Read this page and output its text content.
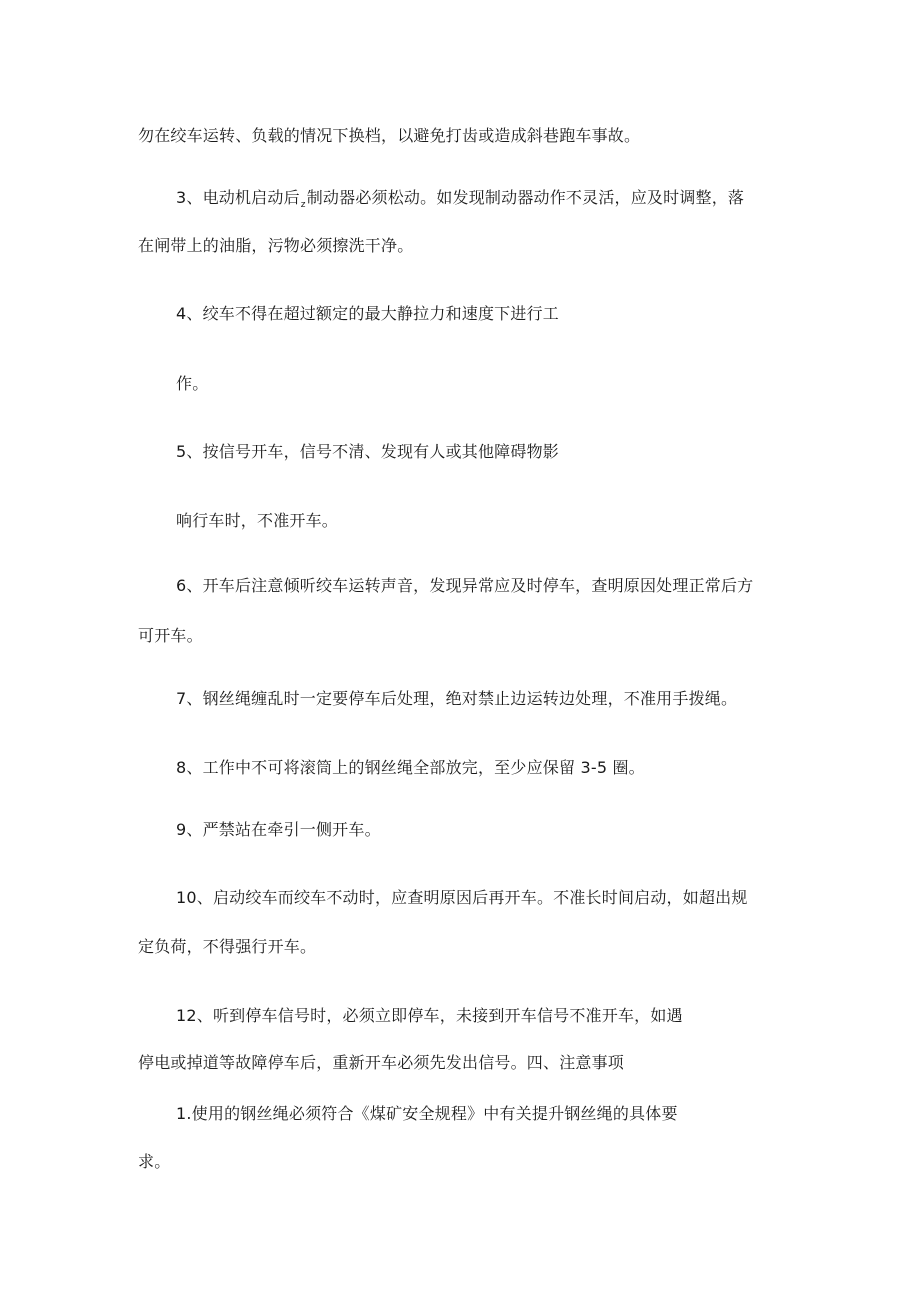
勿在绞车运转、负载的情况下换档，以避免打齿或造成斜巷跑车事故。
3、电动机启动后$_z$制动器必须松动。如发现制动器动作不灵活，应及时调整，落
在闸带上的油脂，污物必须擦洗干净。
4、绞车不得在超过额定的最大静拉力和速度下进行工
作。
5、按信号开车，信号不清、发现有人或其他障碍物影
响行车时，不准开车。
6、开车后注意倾听绞车运转声音，发现异常应及时停车，查明原因处理正常后方
可开车。
7、钢丝绳缠乱时一定要停车后处理，绝对禁止边运转边处理，不准用手拨绳。
8、工作中不可将滚筒上的钢丝绳全部放完，至少应保留 3-5 圈。
9、严禁站在牵引一侧开车。
10、启动绞车而绞车不动时，应查明原因后再开车。不准长时间启动，如超出规
定负荷，不得强行开车。
12、听到停车信号时，必须立即停车，未接到开车信号不准开车，如遇
停电或掉道等故障停车后，重新开车必须先发出信号。四、注意事项
1.使用的钢丝绳必须符合《煤矿安全规程》中有关提升钢丝绳的具体要
求。
